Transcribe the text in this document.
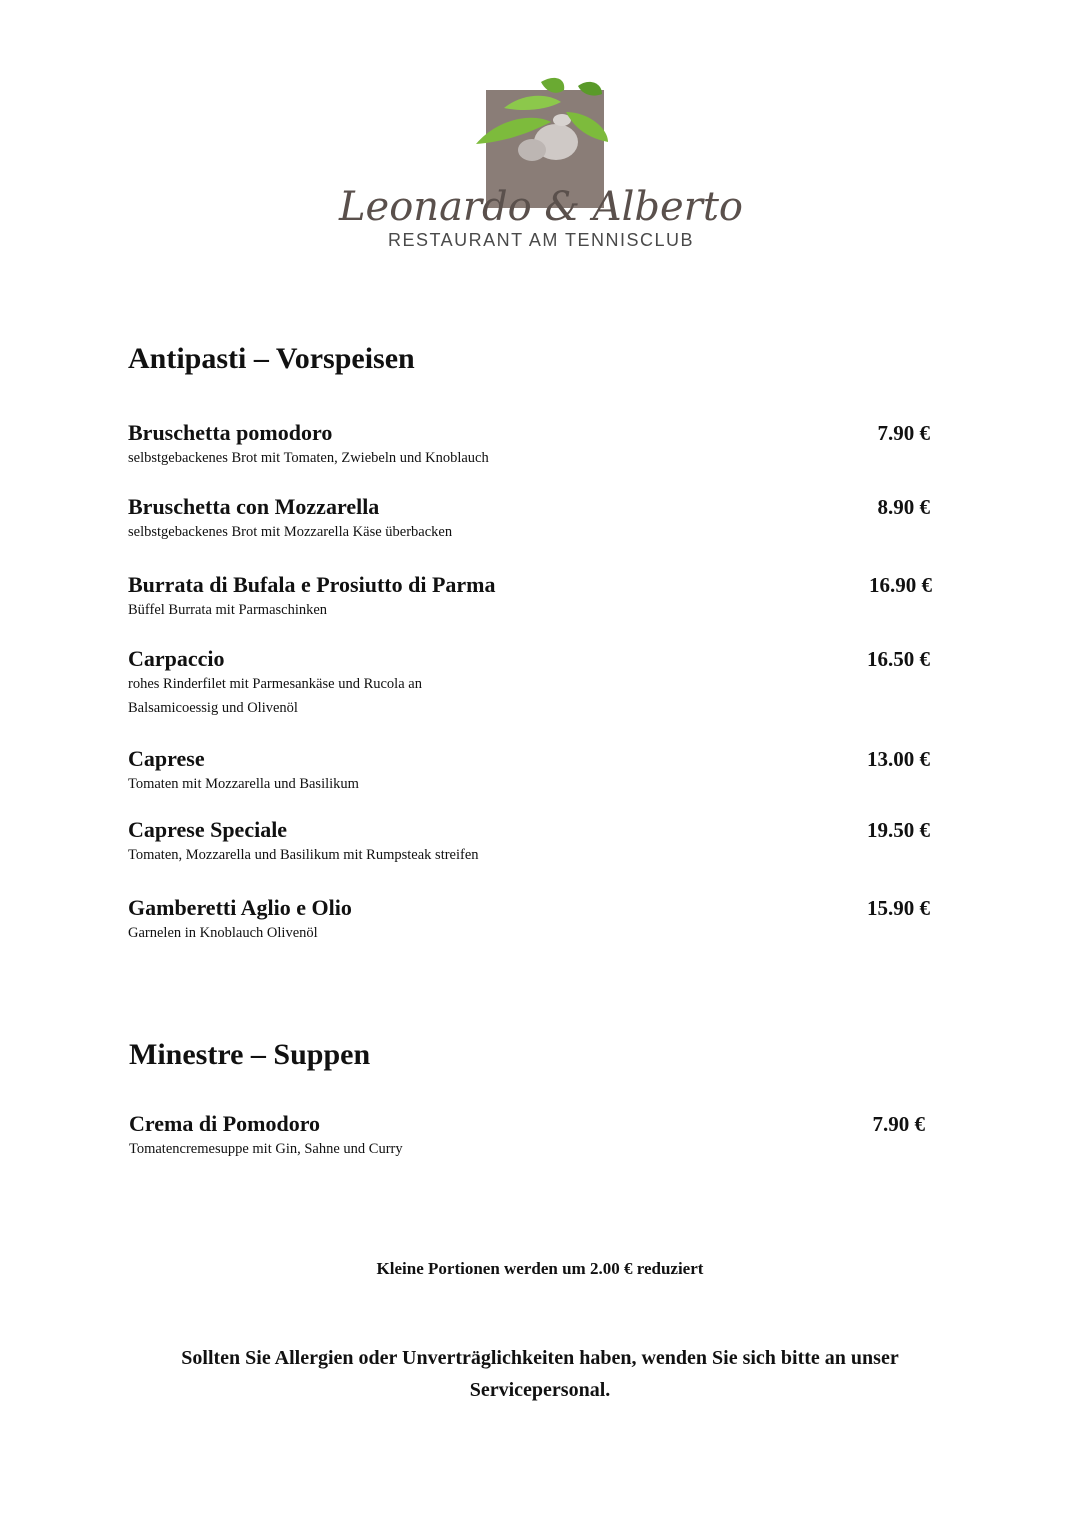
Leonardo & Alberto
RESTAURANT AM TENNISCLUB
Antipasti – Vorspeisen
Bruschetta pomodoro	7.90 €
selbstgebackenes Brot mit Tomaten, Zwiebeln und Knoblauch
Bruschetta con Mozzarella	8.90 €
selbstgebackenes Brot mit Mozzarella Käse überbacken
Burrata di Bufala e Prosiutto di Parma	16.90 €
Büffel Burrata mit Parmaschinken
Carpaccio	16.50 €
rohes Rinderfilet mit Parmesankäse und Rucola an Balsamicoessig und Olivenöl
Caprese	13.00 €
Tomaten mit Mozzarella und Basilikum
Caprese Speciale	19.50 €
Tomaten, Mozzarella und Basilikum mit Rumpsteak streifen
Gamberetti Aglio e Olio	15.90 €
Garnelen in Knoblauch Olivenöl
Minestre – Suppen
Crema di Pomodoro	7.90 €
Tomatencremesuppe mit Gin, Sahne und Curry
Kleine Portionen werden um 2.00 € reduziert
Sollten Sie Allergien oder Unverträglichkeiten haben, wenden Sie sich bitte an unser Servicepersonal.
